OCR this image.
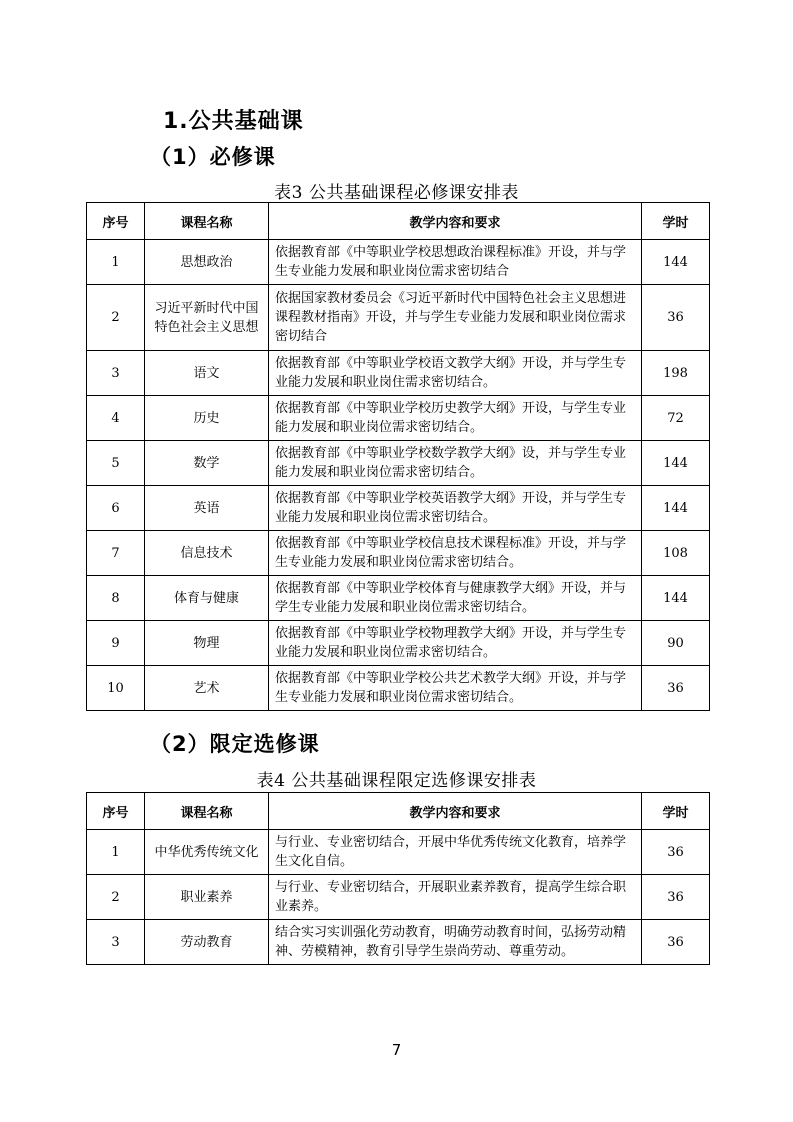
1.公共基础课
（1）必修课
表3 公共基础课程必修课安排表
序号	课程名称	教学内容和要求	学时
1	思想政治	依据教育部《中等职业学校思想政治课程标准》开设，并与学生专业能力发展和职业岗位需求密切结合	144
2	习近平新时代中国特色社会主义思想	依据国家教材委员会《习近平新时代中国特色社会主义思想进课程教材指南》开设，并与学生专业能力发展和职业岗位需求密切结合	36
3	语文	依据教育部《中等职业学校语文教学大纲》开设，并与学生专业能力发展和职业岗住需求密切结合。	198
4	历史	依据教育部《中等职业学校历史教学大纲》开设，与学生专业能力发展和职业岗位需求密切结合。	72
5	数学	依据教育部《中等职业学校数学教学大纲》设，并与学生专业能力发展和职业岗位需求密切结合。	144
6	英语	依据教育部《中等职业学校英语教学大纲》开设，并与学生专业能力发展和职业岗位需求密切结合。	144
7	信息技术	依据教育部《中等职业学校信息技术课程标准》开设，并与学生专业能力发展和职业岗位需求密切结合。	108
8	体育与健康	依据教育部《中等职业学校体育与健康教学大纲》开设，并与学生专业能力发展和职业岗位需求密切结合。	144
9	物理	依据教育部《中等职业学校物理教学大纲》开设，并与学生专业能力发展和职业岗位需求密切结合。	90
10	艺术	依据教育部《中等职业学校公共艺术教学大纲》开设，并与学生专业能力发展和职业岗位需求密切结合。	36
（2）限定选修课
表4 公共基础课程限定选修课安排表
序号	课程名称	教学内容和要求	学时
1	中华优秀传统文化	与行业、专业密切结合，开展中华优秀传统文化教育，培养学生文化自信。	36
2	职业素养	与行业、专业密切结合，开展职业素养教育，提高学生综合职业素养。	36
3	劳动教育	结合实习实训强化劳动教育，明确劳动教育时间，弘扬劳动精神、劳模精神，教育引导学生崇尚劳动、尊重劳动。	36
7
